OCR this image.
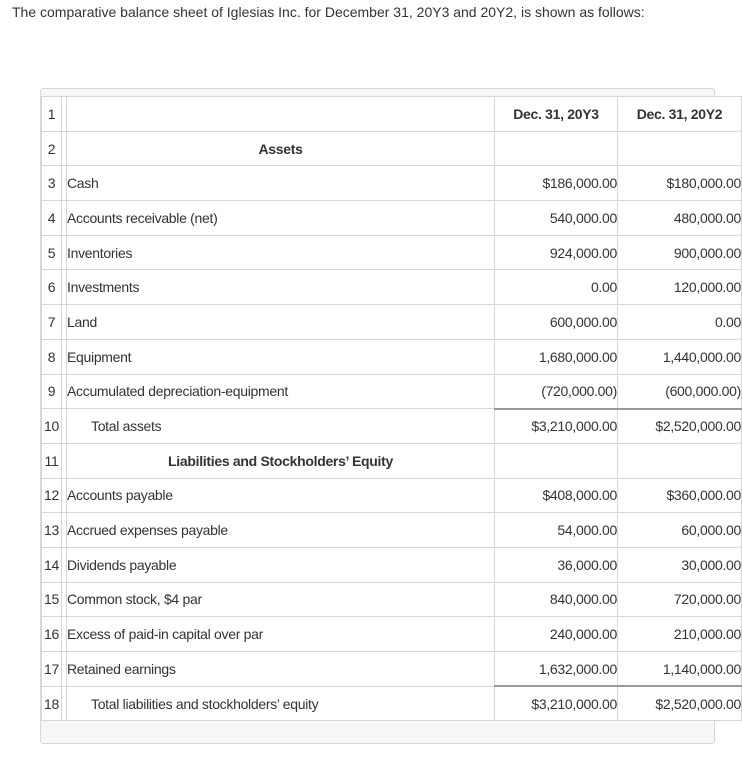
The comparative balance sheet of Iglesias Inc. for December 31, 20Y3 and 20Y2, is shown as follows:
1			Dec. 31, 20Y3	Dec. 31, 20Y2
2		Assets		
3		Cash	$186,000.00	$180,000.00
4		Accounts receivable (net)	540,000.00	480,000.00
5		Inventories	924,000.00	900,000.00
6		Investments	0.00	120,000.00
7		Land	600,000.00	0.00
8		Equipment	1,680,000.00	1,440,000.00
9		Accumulated depreciation-equipment	(720,000.00)	(600,000.00)
10		Total assets	$3,210,000.00	$2,520,000.00
11		Liabilities and Stockholders’ Equity		
12		Accounts payable	$408,000.00	$360,000.00
13		Accrued expenses payable	54,000.00	60,000.00
14		Dividends payable	36,000.00	30,000.00
15		Common stock, $4 par	840,000.00	720,000.00
16		Excess of paid-in capital over par	240,000.00	210,000.00
17		Retained earnings	1,632,000.00	1,140,000.00
18		Total liabilities and stockholders’ equity	$3,210,000.00	$2,520,000.00
